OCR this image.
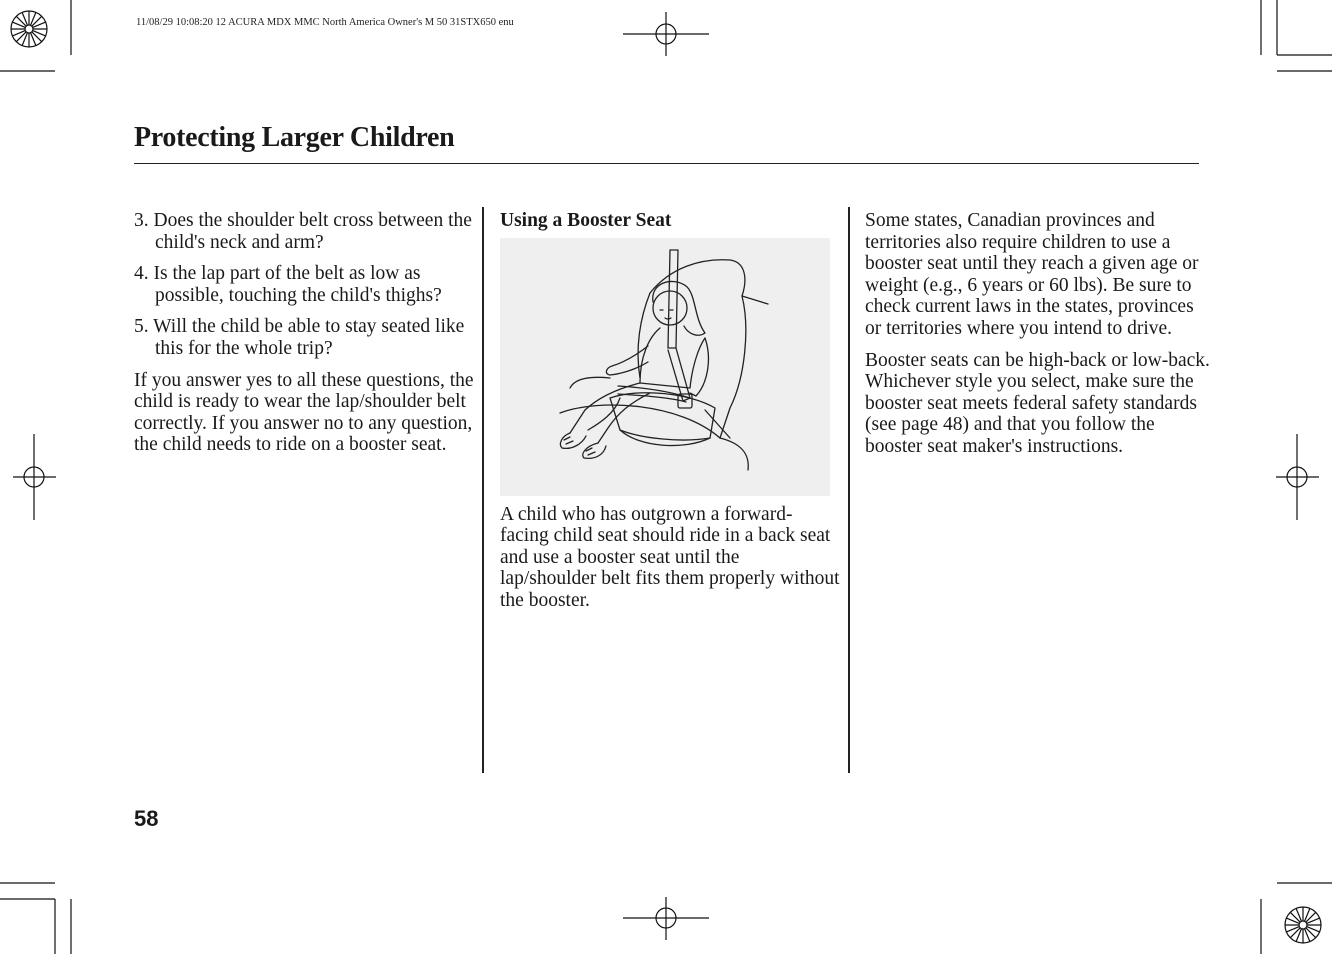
11/08/29 10:08:20 12 ACURA MDX MMC North America Owner's M 50 31STX650 enu
Protecting Larger Children

3. Does the shoulder belt cross between the child's neck and arm?

4. Is the lap part of the belt as low as possible, touching the child's thighs?

5. Will the child be able to stay seated like this for the whole trip?

If you answer yes to all these questions, the child is ready to wear the lap/shoulder belt correctly. If you answer no to any question, the child needs to ride on a booster seat.

Using a Booster Seat

A child who has outgrown a forward-facing child seat should ride in a back seat and use a booster seat until the lap/shoulder belt fits them properly without the booster.

Some states, Canadian provinces and territories also require children to use a booster seat until they reach a given age or weight (e.g., 6 years or 60 lbs). Be sure to check current laws in the states, provinces or territories where you intend to drive.

Booster seats can be high-back or low-back. Whichever style you select, make sure the booster seat meets federal safety standards (see page 48) and that you follow the booster seat maker's instructions.

58
